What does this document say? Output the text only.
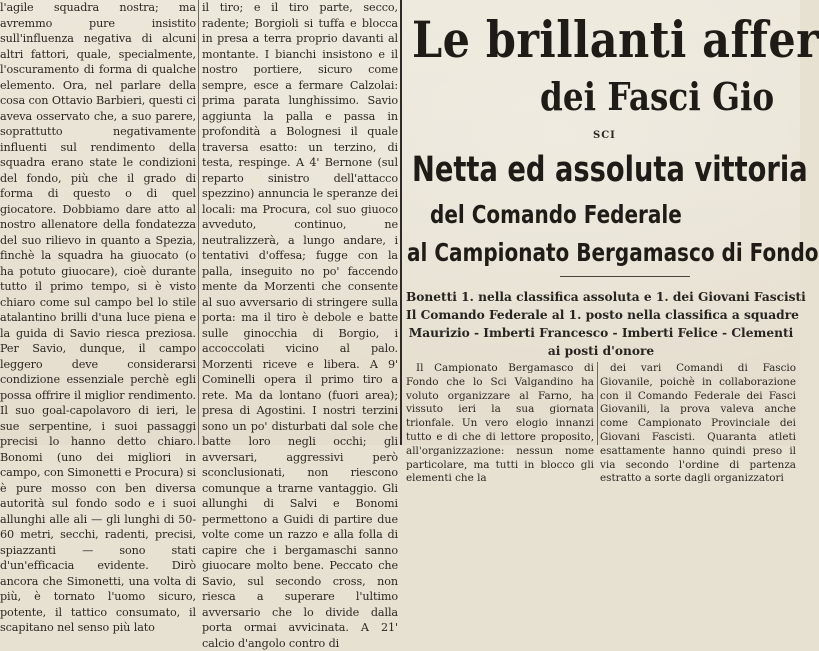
l'agile squadra nostra; ma avremmo pure insistito sull'influenza negativa di alcuni altri fattori, quale, specialmente, l'oscuramento di forma di qualche elemento. Ora, nel parlare della cosa con Ottavio Barbieri, questi ci aveva osservato che, a suo parere, soprattutto negativamente influenti sul rendimento della squadra erano state le condizioni del fondo, più che il grado di forma di questo o di quel giocatore. Dobbiamo dare atto al nostro allenatore della fondatezza del suo rilievo in quanto a Spezia, finchè la squadra ha giuocato (o ha potuto giuocare), cioè durante tutto il primo tempo, si è visto chiaro come sul campo bel lo stile atalantino brilli d'una luce piena e la guida di Savio riesca preziosa. Per Savio, dunque, il campo leggero deve considerarsi condizione essenziale perchè egli possa offrire il miglior rendimento. Il suo goal-capolavoro di ieri, le sue serpentine, i suoi passaggi precisi lo hanno detto chiaro. Bonomi (uno dei migliori in campo, con Simonetti e Procura) si è pure mosso con ben diversa autorità sul fondo sodo e i suoi allunghi alle ali — gli lunghi di 50-60 metri, secchi, radenti, precisi, spiazzanti — sono stati d'un'efficacia evidente. Dirò ancora che Simonetti, una volta di più, è tornato l'uomo sicuro, potente, il tattico consumato, il scapitano nel senso più lato

il tiro; e il tiro parte, secco, radente; Borgioli si tuffa e blocca in presa a terra proprio davanti al montante. I bianchi insistono e il nostro portiere, sicuro come sempre, esce a fermare Calzolai: prima parata lunghissimo. Savio aggiunta la palla e passa in profondità a Bolognesi il quale traversa esatto: un terzino, di testa, respinge. A 4' Bernone (sul reparto sinistro dell'attacco spezzino) annuncia le speranze dei locali: ma Procura, col suo giuoco avveduto, continuo, ne neutralizzerà, a lungo andare, i tentativi d'offesa; fugge con la palla, inseguito no po' faccendo mente da Morzenti che consente al suo avversario di stringere sulla porta: ma il tiro è debole e batte sulle ginocchia di Borgio, i accoccolati vicino al palo. Morzenti riceve e libera. A 9' Cominelli opera il primo tiro a rete. Ma da lontano (fuori area); presa di Agostini. I nostri terzini sono un po' disturbati dal sole che batte loro negli occhi; gli avversari, aggressivi però sconclusionati, non riescono comunque a trarne vantaggio. Gli allunghi di Salvi e Bonomi permettono a Guidi di partire due volte come un razzo e alla folla di capire che i bergamaschi sanno giuocare molto bene. Peccato che Savio, sul secondo cross, non riesca a superare l'ultimo avversario che lo divide dalla porta ormai avvicinata. A 21' calcio d'angolo contro di

Le brillanti affer
dei Fasci Gio
SCI
Netta ed assoluta vittoria
del Comando Federale
al Campionato Bergamasco di Fondo
Bonetti 1. nella classifica assoluta e 1. dei Giovani Fascisti
Il Comando Federale al 1. posto nella classifica a squadre
Maurizio - Imberti Francesco - Imberti Felice - Clementi
ai posti d'onore

Il Campionato Bergamasco di Fondo che lo Sci Valgandino ha voluto organizzare al Farno, ha vissuto ieri la sua giornata trionfale. Un vero elogio innanzi tutto e di che di lettore proposito, all'organizzazione: nessun nome particolare, ma tutti in blocco gli elementi che la

dei vari Comandi di Fascio Giovanile, poichè in collaborazione con il Comando Federale dei Fasci Giovanili, la prova valeva anche come Campionato Provinciale dei Giovani Fascisti. Quaranta atleti esattamente hanno quindi preso il via secondo l'ordine di partenza estratto a sorte dagli organizzatori
